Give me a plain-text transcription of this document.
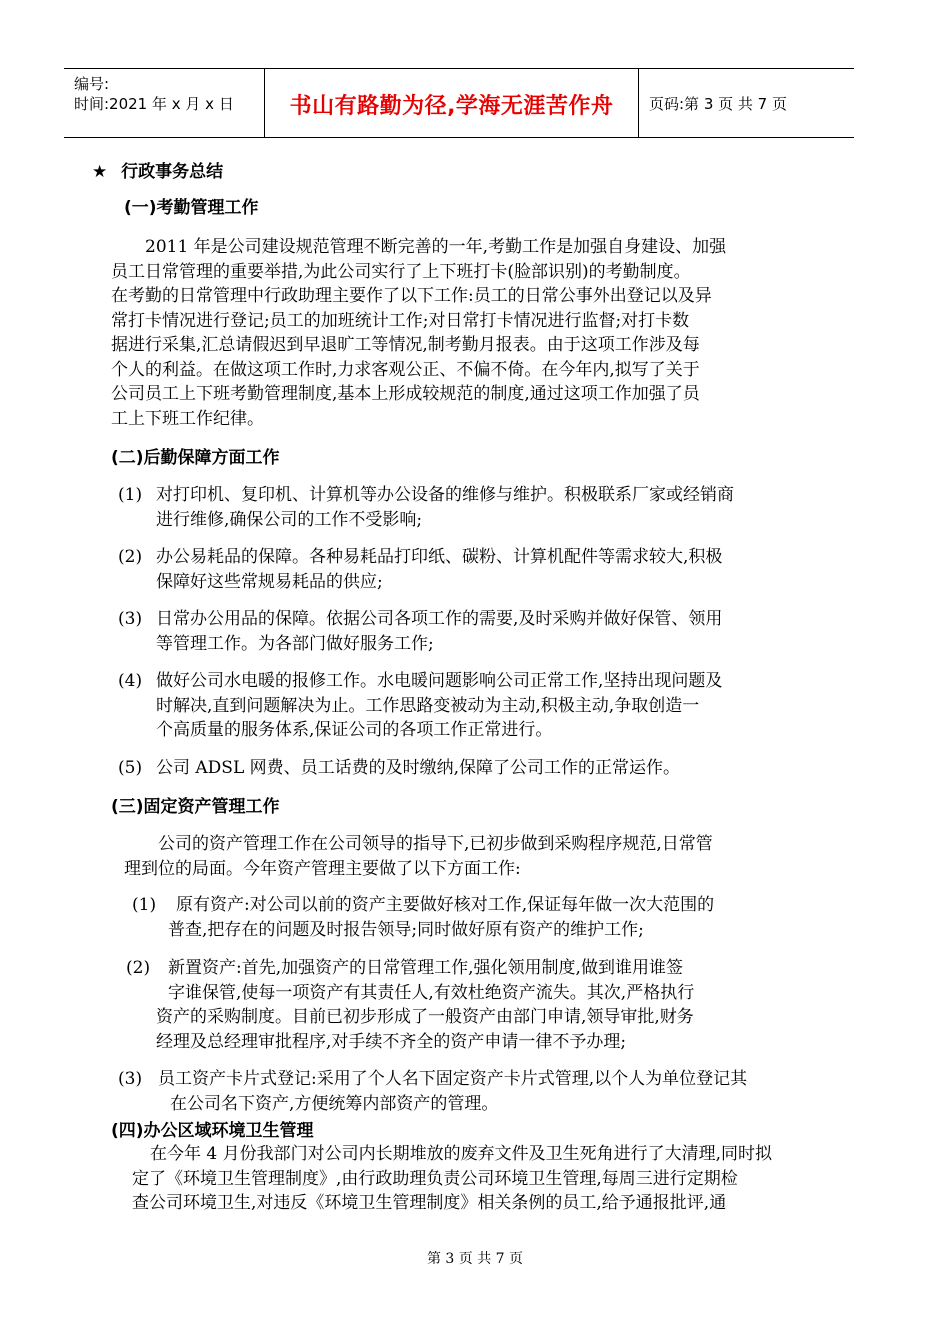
编号:
时间:2021 年 x 月 x 日	书山有路勤为径,学海无涯苦作舟	页码:第 3 页 共 7 页
★ 行政事务总结
(一)考勤管理工作
2011 年是公司建设规范管理不断完善的一年,考勤工作是加强自身建设、加强
员工日常管理的重要举措,为此公司实行了上下班打卡(脸部识别)的考勤制度。
在考勤的日常管理中行政助理主要作了以下工作:员工的日常公事外出登记以及异
常打卡情况进行登记;员工的加班统计工作;对日常打卡情况进行监督;对打卡数
据进行采集,汇总请假迟到早退旷工等情况,制考勤月报表。由于这项工作涉及每
个人的利益。在做这项工作时,力求客观公正、不偏不倚。在今年内,拟写了关于
公司员工上下班考勤管理制度,基本上形成较规范的制度,通过这项工作加强了员
工上下班工作纪律。
(二)后勤保障方面工作
(1) 对打印机、复印机、计算机等办公设备的维修与维护。积极联系厂家或经销商
进行维修,确保公司的工作不受影响;
(2) 办公易耗品的保障。各种易耗品打印纸、碳粉、计算机配件等需求较大,积极
保障好这些常规易耗品的供应;
(3) 日常办公用品的保障。依据公司各项工作的需要,及时采购并做好保管、领用
等管理工作。为各部门做好服务工作;
(4) 做好公司水电暖的报修工作。水电暖问题影响公司正常工作,坚持出现问题及
时解决,直到问题解决为止。工作思路变被动为主动,积极主动,争取创造一
个高质量的服务体系,保证公司的各项工作正常进行。
(5) 公司 ADSL 网费、员工话费的及时缴纳,保障了公司工作的正常运作。
(三)固定资产管理工作
公司的资产管理工作在公司领导的指导下,已初步做到采购程序规范,日常管
理到位的局面。今年资产管理主要做了以下方面工作:
(1)	原有资产:对公司以前的资产主要做好核对工作,保证每年做一次大范围的
普查,把存在的问题及时报告领导;同时做好原有资产的维护工作;
(2)	新置资产:首先,加强资产的日常管理工作,强化领用制度,做到谁用谁签
字谁保管,使每一项资产有其责任人,有效杜绝资产流失。其次,严格执行
资产的采购制度。目前已初步形成了一般资产由部门申请,领导审批,财务
经理及总经理审批程序,对手续不齐全的资产申请一律不予办理;
(3) 员工资产卡片式登记:采用了个人名下固定资产卡片式管理,以个人为单位登记其
在公司名下资产,方便统筹内部资产的管理。
(四)办公区域环境卫生管理
在今年 4 月份我部门对公司内长期堆放的废弃文件及卫生死角进行了大清理,同时拟
定了《环境卫生管理制度》,由行政助理负责公司环境卫生管理,每周三进行定期检
查公司环境卫生,对违反《环境卫生管理制度》相关条例的员工,给予通报批评,通
第 3 页 共 7 页
